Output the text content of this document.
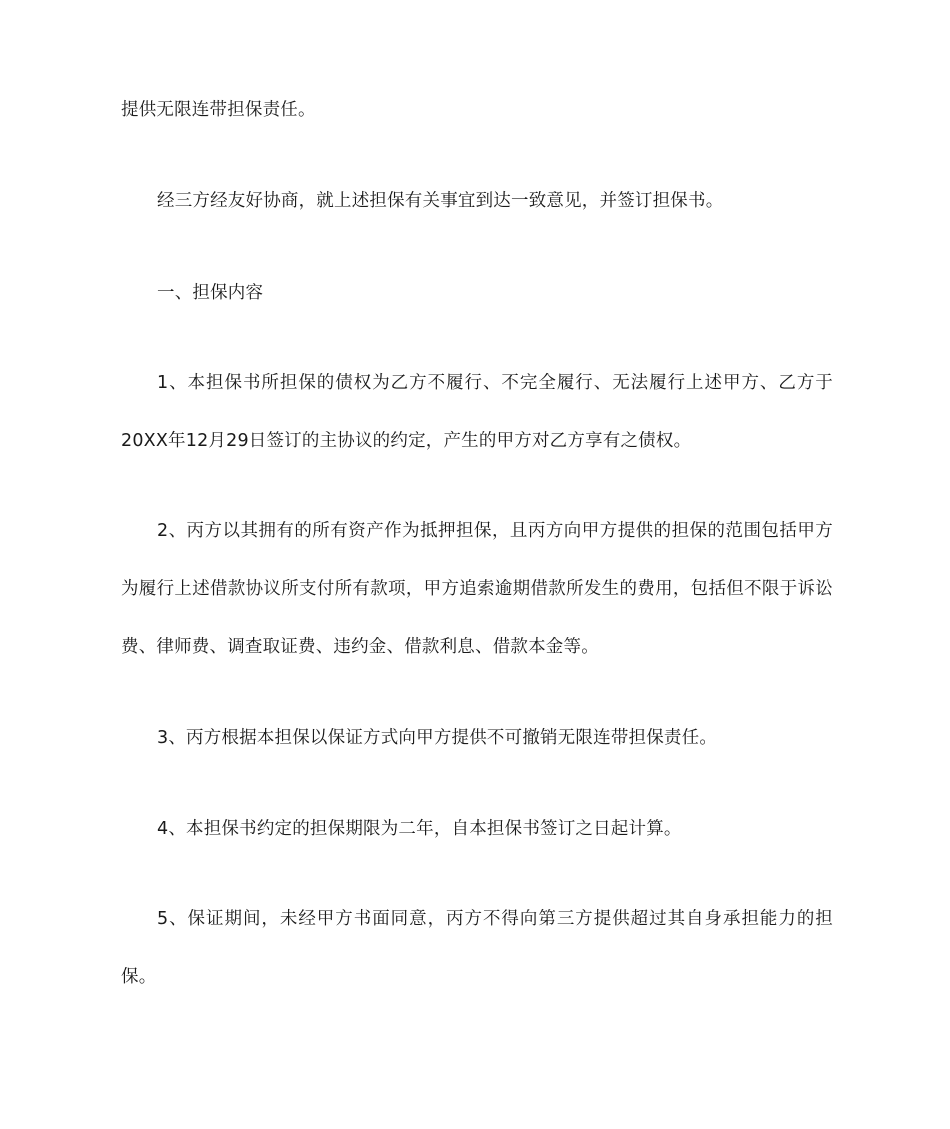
提供无限连带担保责任。

经三方经友好协商，就上述担保有关事宜到达一致意见，并签订担保书。

一、担保内容

1、本担保书所担保的债权为乙方不履行、不完全履行、无法履行上述甲方、乙方于20XX年12月29日签订的主协议的约定，产生的甲方对乙方享有之债权。

2、丙方以其拥有的所有资产作为抵押担保，且丙方向甲方提供的担保的范围包括甲方为履行上述借款协议所支付所有款项，甲方追索逾期借款所发生的费用，包括但不限于诉讼费、律师费、调查取证费、违约金、借款利息、借款本金等。

3、丙方根据本担保以保证方式向甲方提供不可撤销无限连带担保责任。

4、本担保书约定的担保期限为二年，自本担保书签订之日起计算。

5、保证期间，未经甲方书面同意，丙方不得向第三方提供超过其自身承担能力的担保。
